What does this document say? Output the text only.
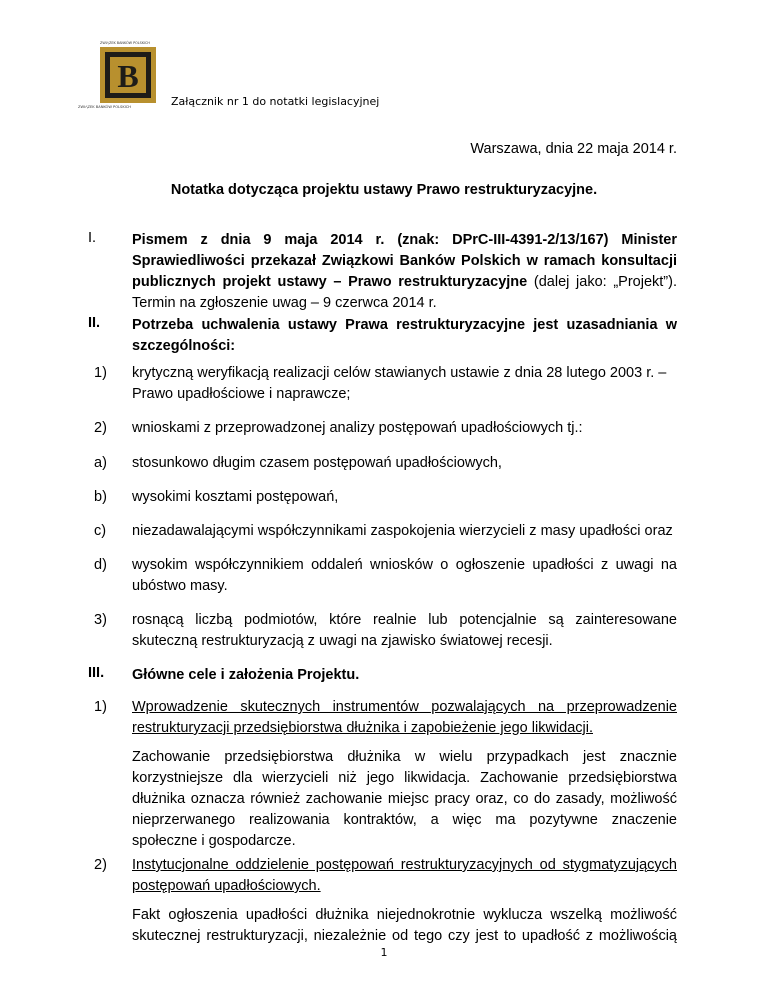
B
ZWIĄZEK BANKÓW POLSKICH
ZWIĄZEK BANKÓW POLSKICH	Załącznik nr 1 do notatki legislacyjnej
Warszawa, dnia 22 maja 2014 r.
Notatka dotycząca projektu ustawy Prawo restrukturyzacyjne.
I. Pismem z dnia 9 maja 2014 r. (znak: DPrC-III-4391-2/13/167) Minister Sprawiedliwości przekazał Związkowi Banków Polskich w ramach konsultacji publicznych projekt ustawy – Prawo restrukturyzacyjne (dalej jako: „Projekt”). Termin na zgłoszenie uwag – 9 czerwca 2014 r.
II. Potrzeba uchwalenia ustawy Prawa restrukturyzacyjne jest uzasadniania w szczególności:
1) krytyczną weryfikacją realizacji celów stawianych ustawie z dnia 28 lutego 2003 r. – Prawo upadłościowe i naprawcze;
2) wnioskami z przeprowadzonej analizy postępowań upadłościowych tj.:
a) stosunkowo długim czasem postępowań upadłościowych,
b) wysokimi kosztami postępowań,
c) niezadawalającymi współczynnikami zaspokojenia wierzycieli z masy upadłości oraz
d) wysokim współczynnikiem oddaleń wniosków o ogłoszenie upadłości z uwagi na ubóstwo masy.
3) rosnącą liczbą podmiotów, które realnie lub potencjalnie są zainteresowane skuteczną restrukturyzacją z uwagi na zjawisko światowej recesji.
III. Główne cele i założenia Projektu.
1) Wprowadzenie skutecznych instrumentów pozwalających na przeprowadzenie restrukturyzacji przedsiębiorstwa dłużnika i zapobieżenie jego likwidacji.
Zachowanie przedsiębiorstwa dłużnika w wielu przypadkach jest znacznie korzystniejsze dla wierzycieli niż jego likwidacja. Zachowanie przedsiębiorstwa dłużnika oznacza również zachowanie miejsc pracy oraz, co do zasady, możliwość nieprzerwanego realizowania kontraktów, a więc ma pozytywne znaczenie społeczne i gospodarcze.
2) Instytucjonalne oddzielenie postępowań restrukturyzacyjnych od stygmatyzujących postępowań upadłościowych.
Fakt ogłoszenia upadłości dłużnika niejednokrotnie wyklucza wszelką możliwość skutecznej restrukturyzacji, niezależnie od tego czy jest to upadłość z możliwością
1
